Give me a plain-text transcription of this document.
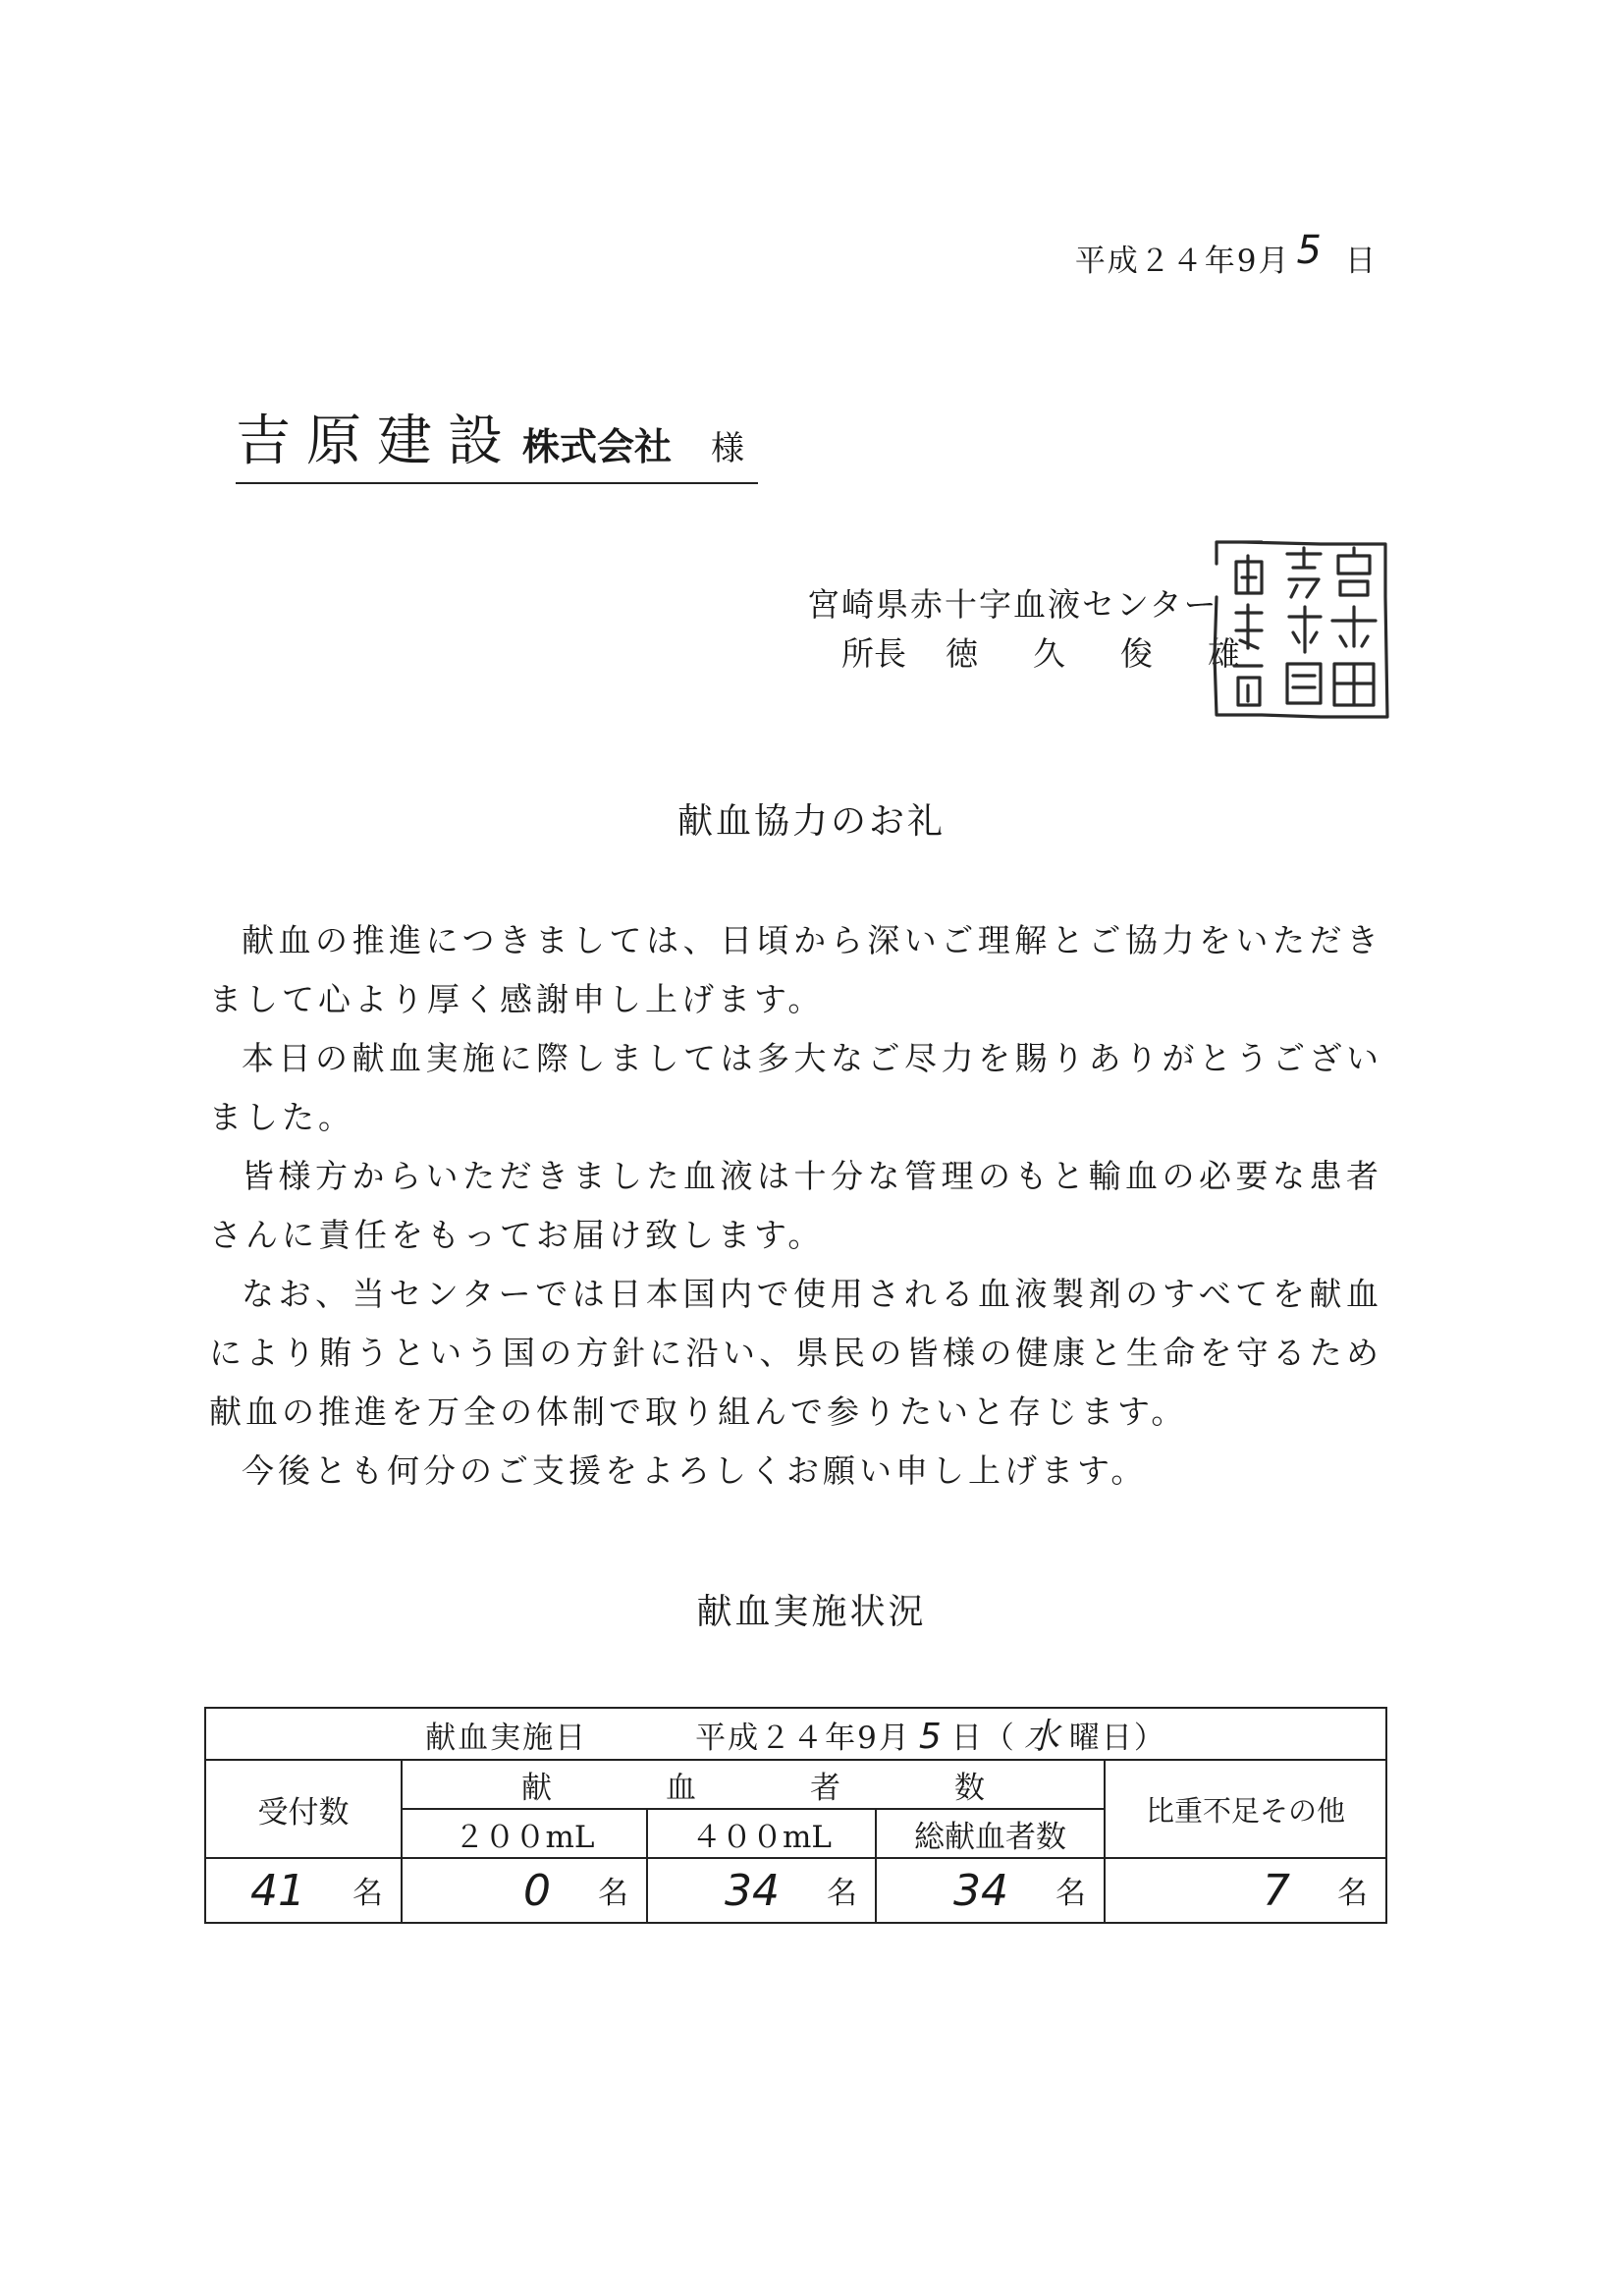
平成２４年9月 5 日
吉原建設 株式会社 様
宮崎県赤十字血液センター
所長 徳 久 俊 雄
献血協力のお礼

献血の推進につきましては、日頃から深いご理解とご協力をいただきまして心より厚く感謝申し上げます。

本日の献血実施に際しましては多大なご尽力を賜りありがとうございました。

皆様方からいただきました血液は十分な管理のもと輸血の必要な患者さんに責任をもってお届け致します。

なお、当センターでは日本国内で使用される血液製剤のすべてを献血により賄うという国の方針に沿い、県民の皆様の健康と生命を守るため献血の推進を万全の体制で取り組んで参りたいと存じます。

今後とも何分のご支援をよろしくお願い申し上げます。

献血実施状況
献血実施日 平成２４年9月 5 日（ 水 曜日）				
受付数	献 血 者 数			比重不足その他
	２００mL	４００mL	総献血者数	
41 名	0 名	34 名	34 名	7 名
